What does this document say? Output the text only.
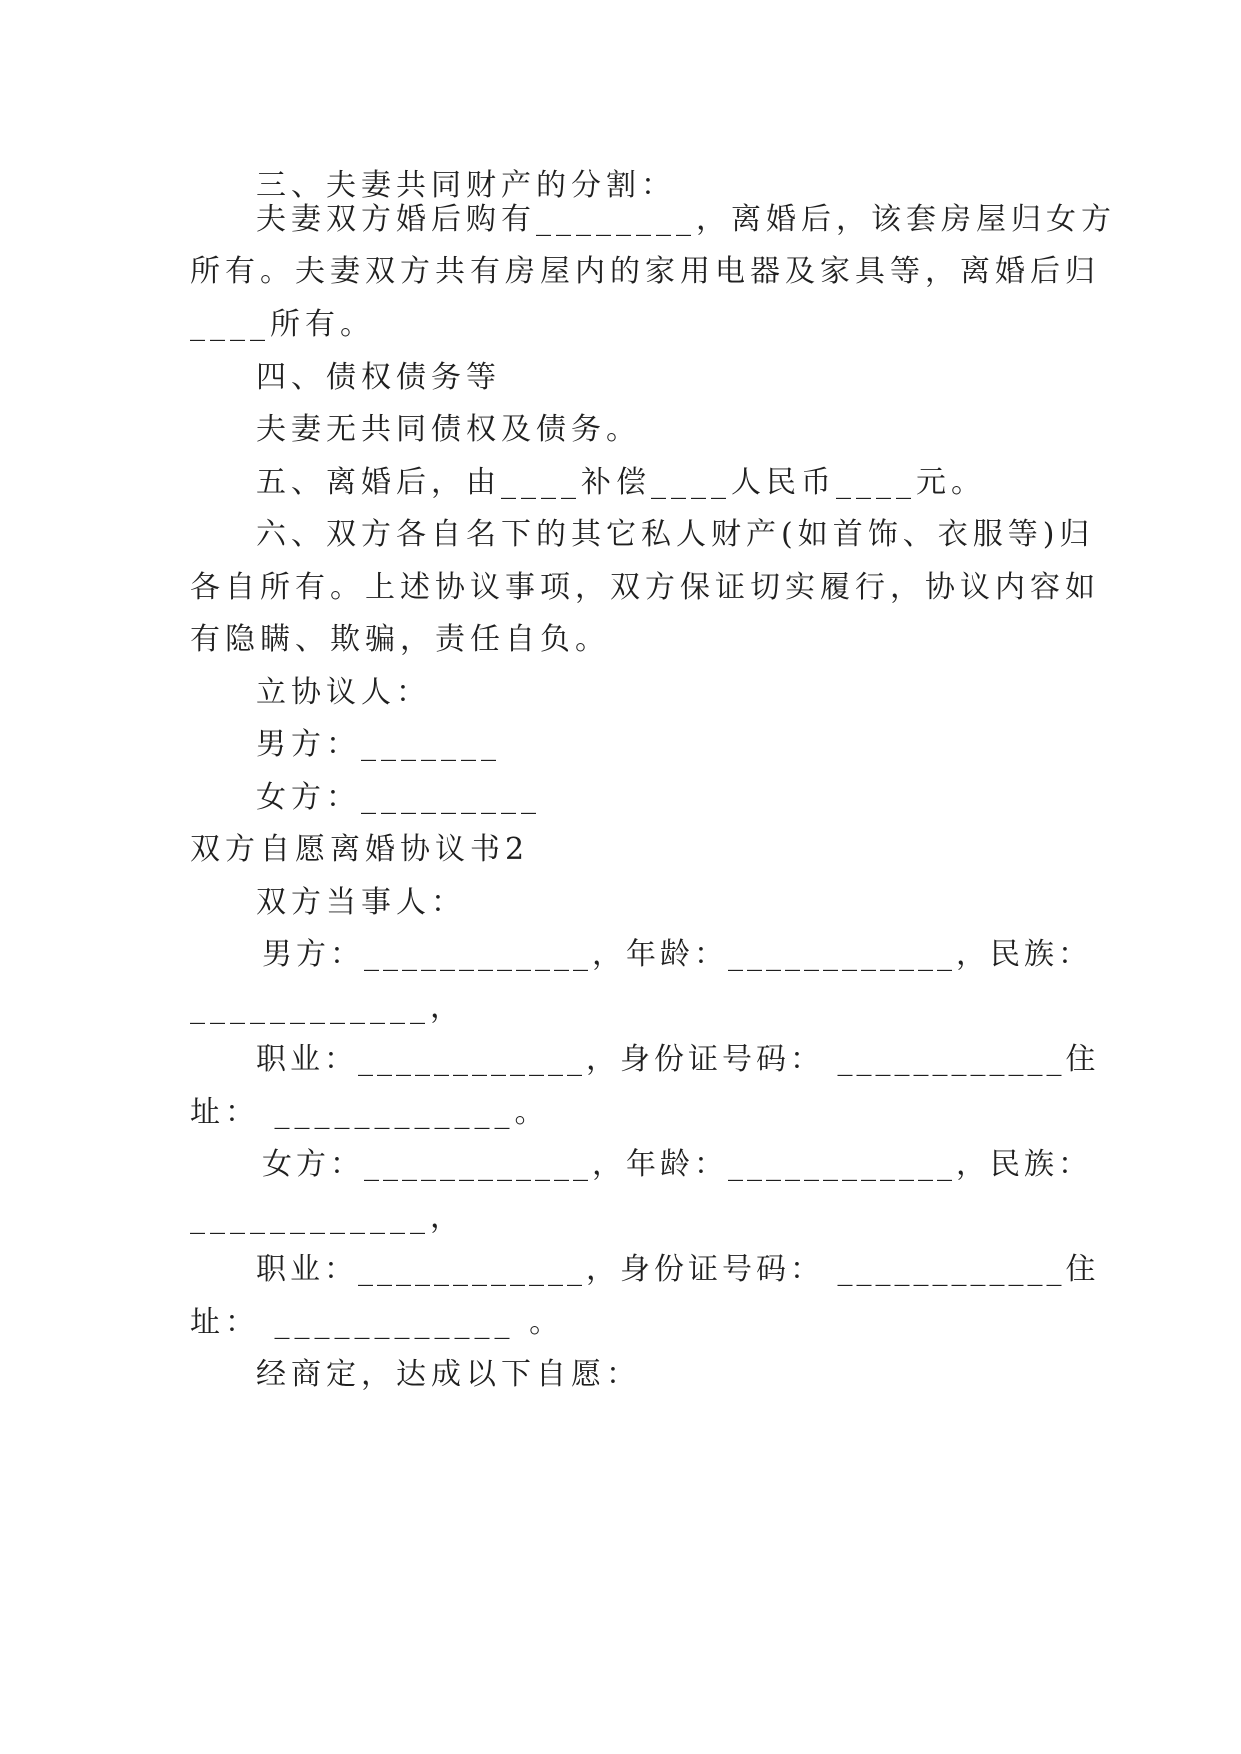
三、夫妻共同财产的分割：
夫妻双方婚后购有________，离婚后，该套房屋归女方
所有。夫妻双方共有房屋内的家用电器及家具等，离婚后归
____所有。
四、债权债务等
夫妻无共同债权及债务。
五、离婚后，由____补偿____人民币____元。
六、双方各自名下的其它私人财产(如首饰、衣服等)归
各自所有。上述协议事项，双方保证切实履行，协议内容如
有隐瞒、欺骗，责任自负。
立协议人：
男方：_______
女方：_________
双方自愿离婚协议书2
双方当事人：
男方：____________，年龄：____________，民族：
____________，
职业：____________，身份证号码： ____________住
址： ____________。
女方：____________，年龄：____________，民族：
____________，
职业：____________，身份证号码： ____________住
址： ____________ 。
经商定，达成以下自愿：
